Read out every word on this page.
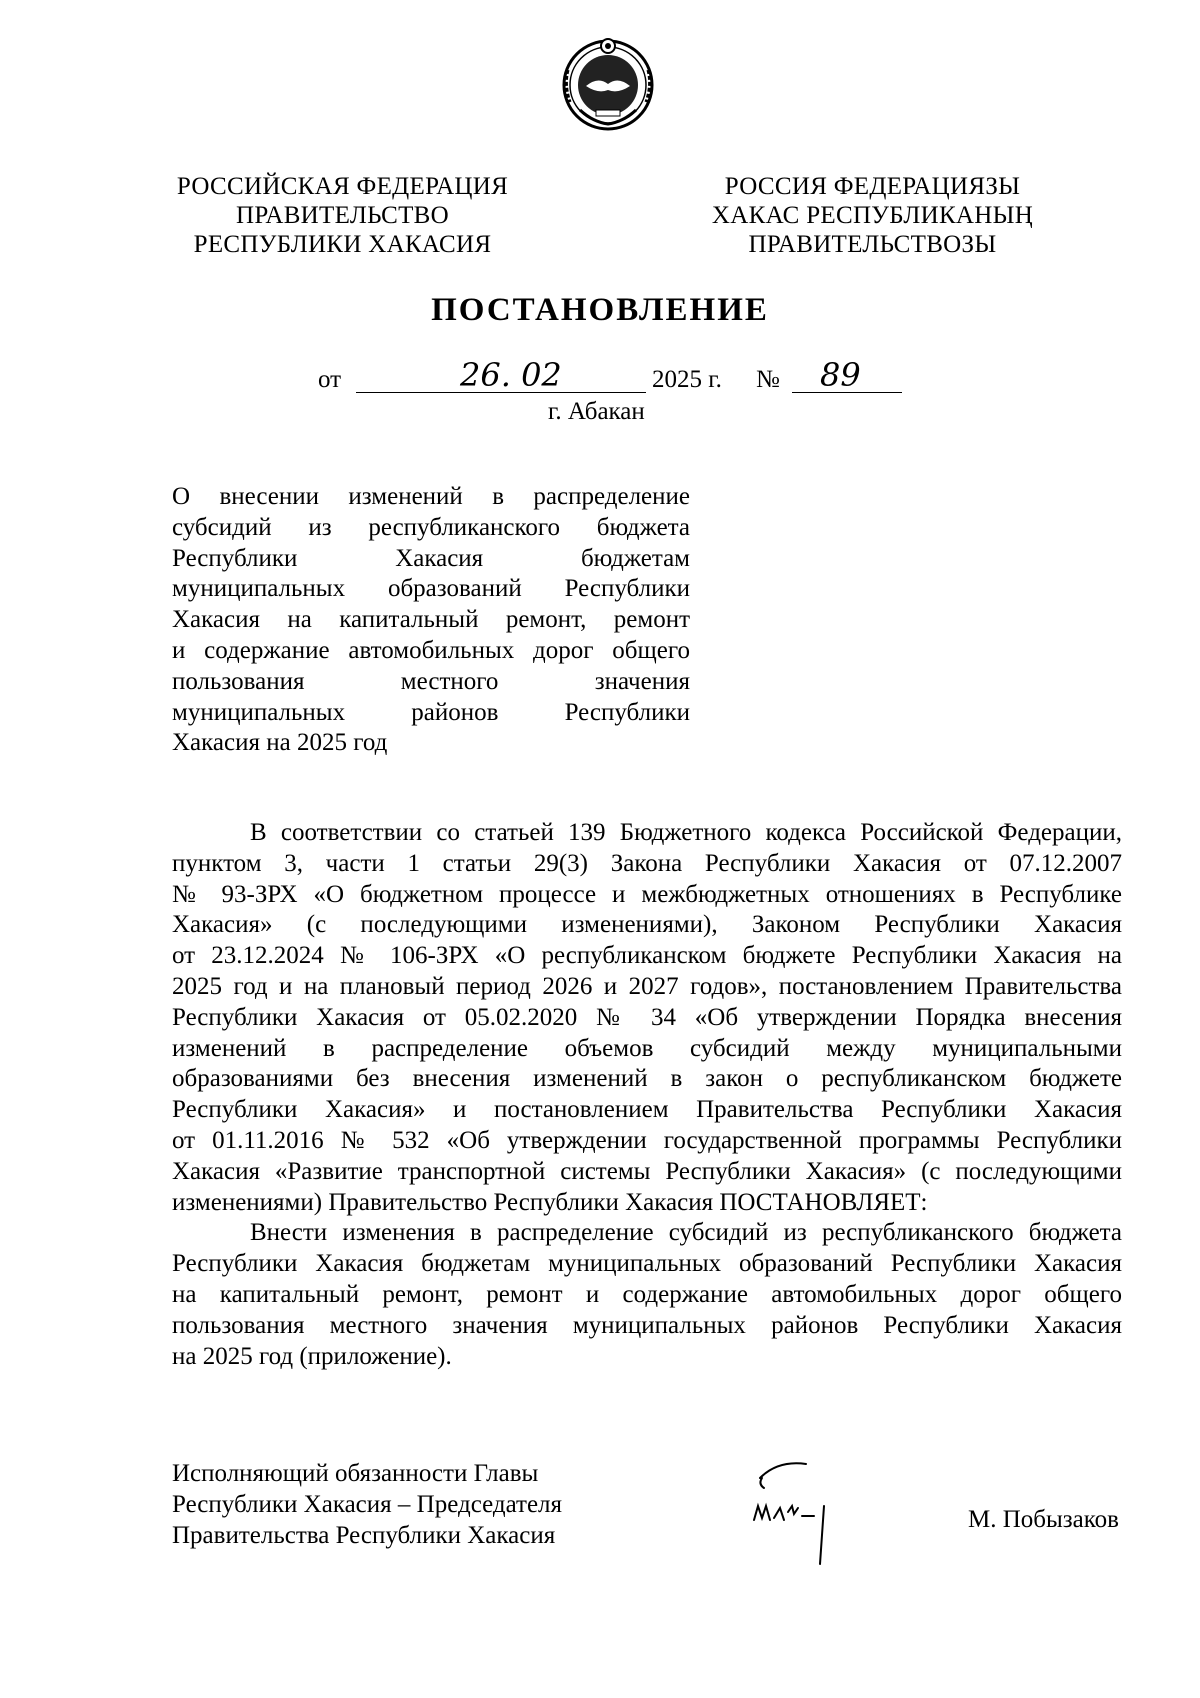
РОССИЙСКАЯ ФЕДЕРАЦИЯ
ПРАВИТЕЛЬСТВО
РЕСПУБЛИКИ ХАКАСИЯ
РОССИЯ ФЕДЕРАЦИЯЗЫ
ХАКАС РЕСПУБЛИКАНЫҢ
ПРАВИТЕЛЬСТВОЗЫ
ПОСТАНОВЛЕНИЕ
от	26. 02	2025 г. № 89
г. Абакан
О внесении изменений в распределение
субсидий из республиканского бюджета
Республики Хакасия бюджетам
муниципальных образований Республики
Хакасия на капитальный ремонт, ремонт
и содержание автомобильных дорог общего
пользования местного значения
муниципальных районов Республики
Хакасия на 2025 год
В соответствии со статьей 139 Бюджетного кодекса Российской Федерации,
пунктом 3, части 1 статьи 29(3) Закона Республики Хакасия от 07.12.2007
№ 93-ЗРХ «О бюджетном процессе и межбюджетных отношениях в Республике
Хакасия» (с последующими изменениями), Законом Республики Хакасия
от 23.12.2024 № 106-ЗРХ «О республиканском бюджете Республики Хакасия на
2025 год и на плановый период 2026 и 2027 годов», постановлением Правительства
Республики Хакасия от 05.02.2020 № 34 «Об утверждении Порядка внесения
изменений в распределение объемов субсидий между муниципальными
образованиями без внесения изменений в закон о республиканском бюджете
Республики Хакасия» и постановлением Правительства Республики Хакасия
от 01.11.2016 № 532 «Об утверждении государственной программы Республики
Хакасия «Развитие транспортной системы Республики Хакасия» (с последующими
изменениями) Правительство Республики Хакасия ПОСТАНОВЛЯЕТ:
Внести изменения в распределение субсидий из республиканского бюджета
Республики Хакасия бюджетам муниципальных образований Республики Хакасия
на капитальный ремонт, ремонт и содержание автомобильных дорог общего
пользования местного значения муниципальных районов Республики Хакасия
на 2025 год (приложение).
Исполняющий обязанности Главы
Республики Хакасия – Председателя
Правительства Республики Хакасия
М. Побызаков
